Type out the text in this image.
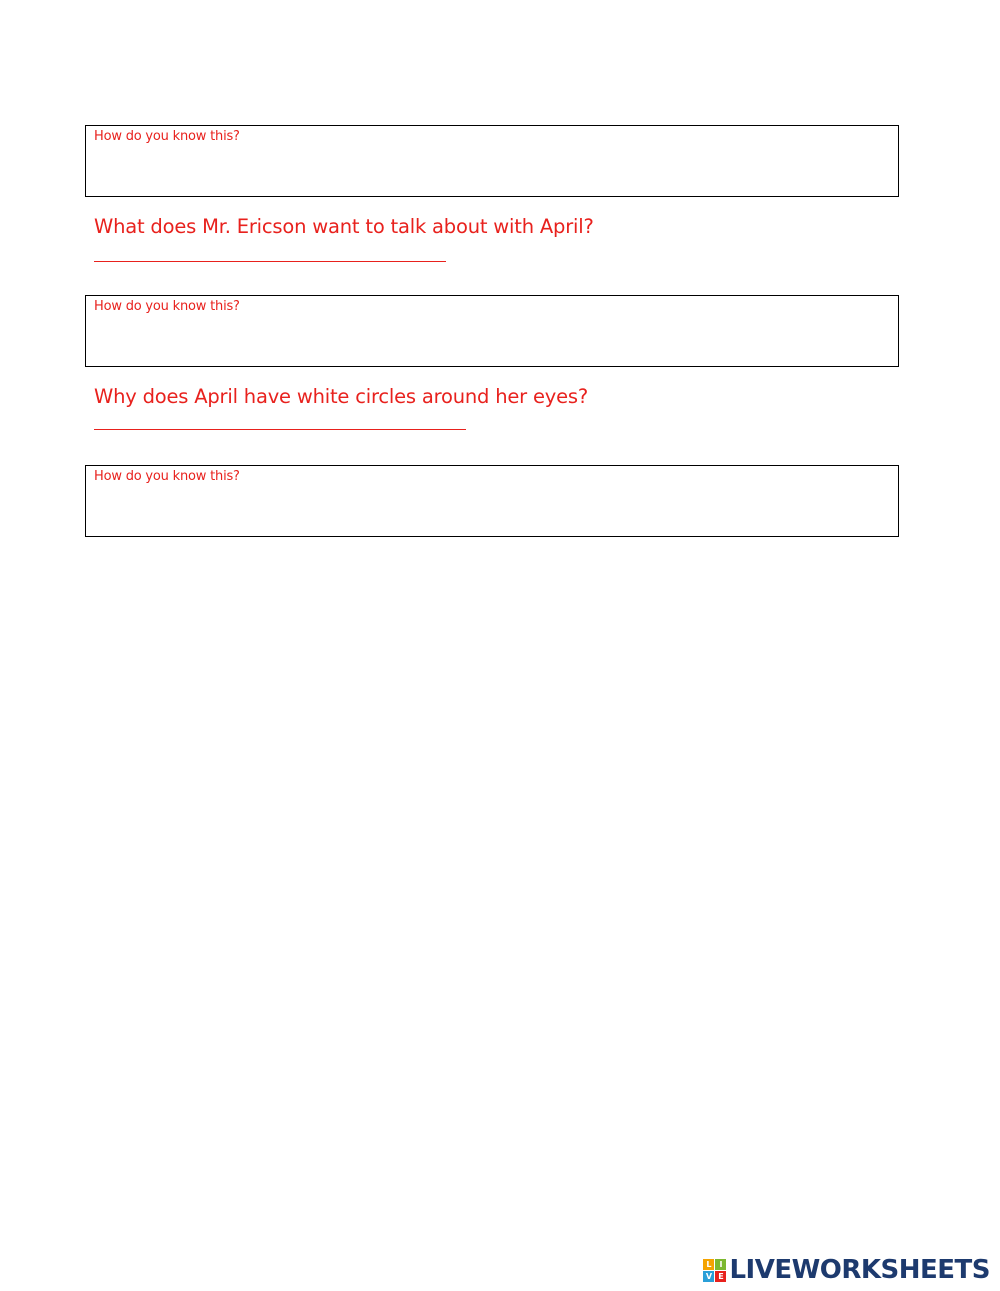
How do you know this?
What does Mr. Ericson want to talk about with April?
How do you know this?
Why does April have white circles around her eyes?
How do you know this?
L I
V E LIVEWORKSHEETS
